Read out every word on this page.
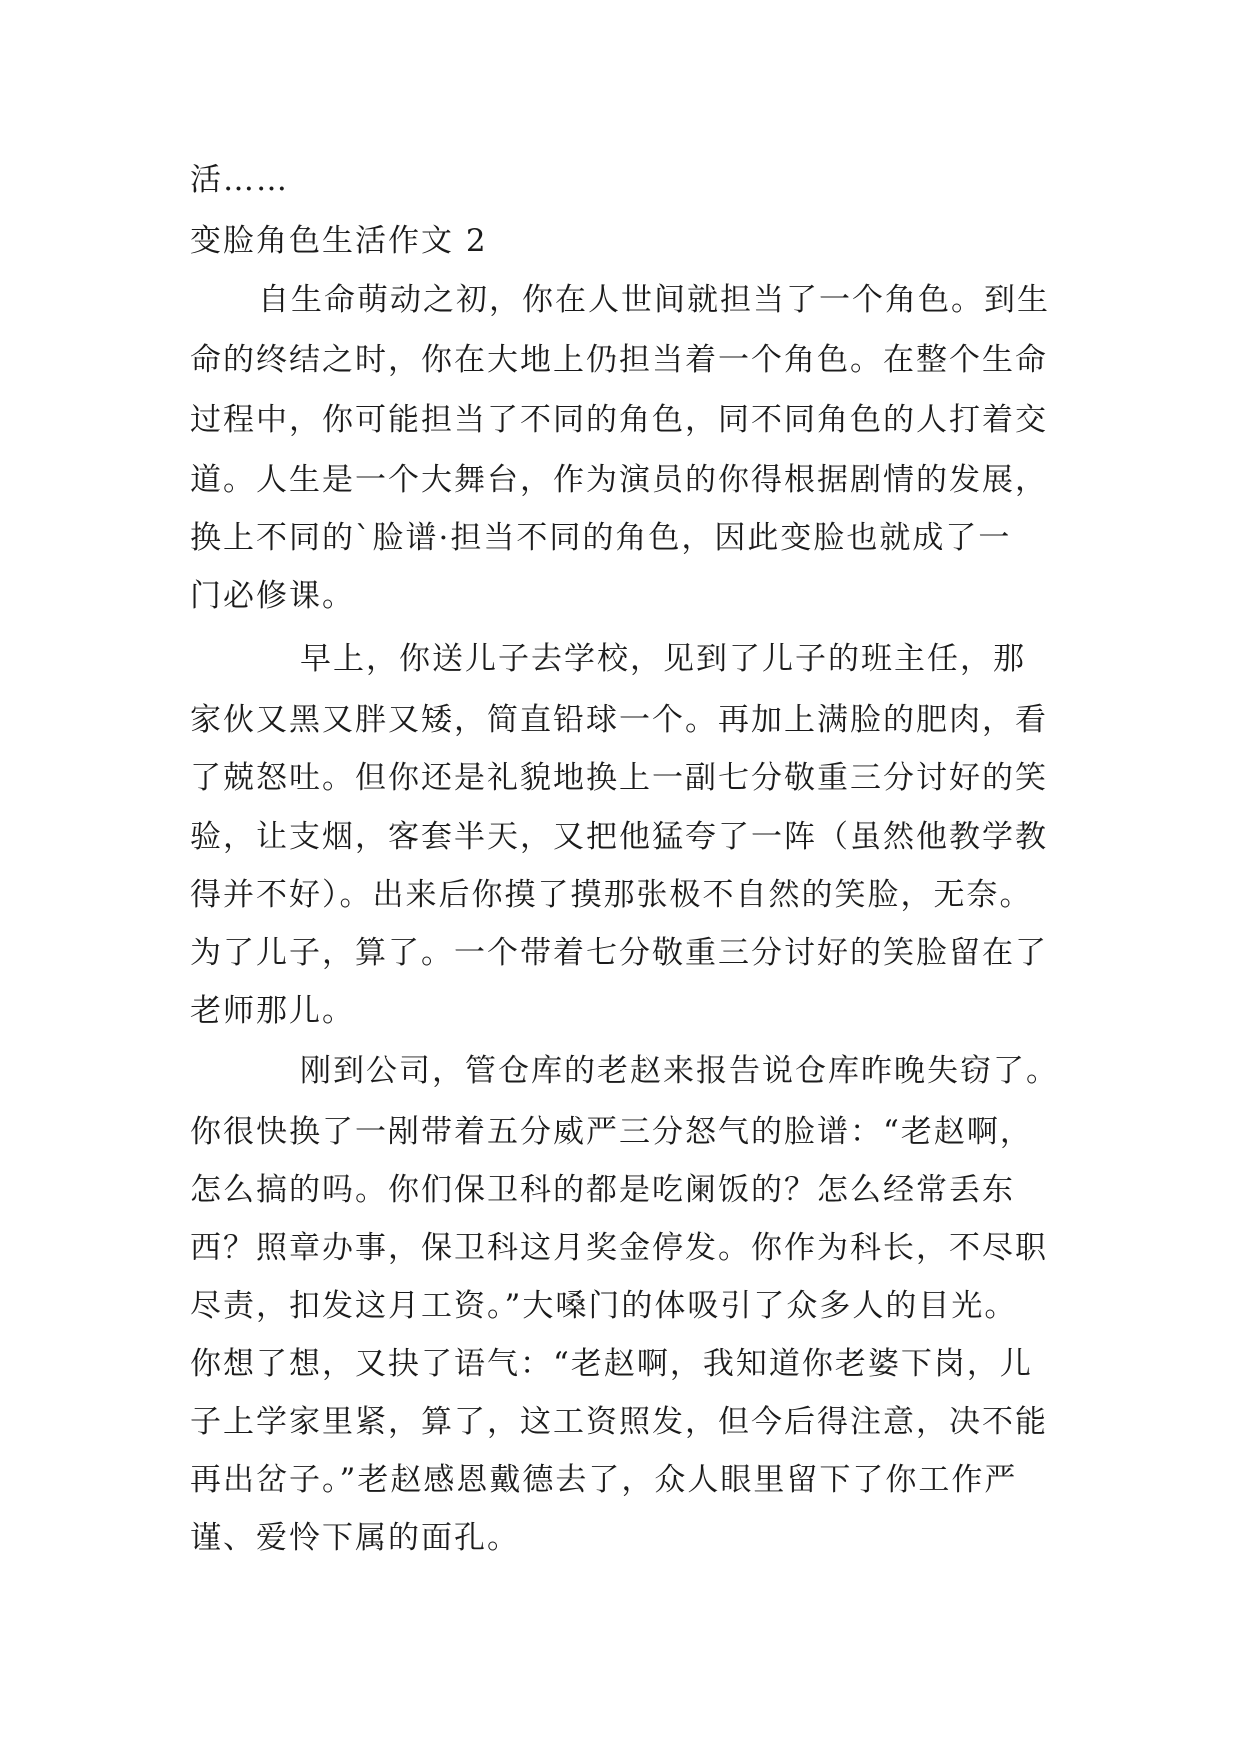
活……
变脸角色生活作文 2
自生命萌动之初，你在人世间就担当了一个角色。到生
命的终结之时，你在大地上仍担当着一个角色。在整个生命
过程中，你可能担当了不同的角色，同不同角色的人打着交
道。人生是一个大舞台，作为演员的你得根据剧情的发展，
换上不同的`脸谱·担当不同的角色，因此变脸也就成了一
门必修课。
早上，你送儿子去学校，见到了儿子的班主任，那
家伙又黑又胖又矮，简直铅球一个。再加上满脸的肥肉，看
了兢怒吐。但你还是礼貌地换上一副七分敬重三分讨好的笑
验，让支烟，客套半天，又把他猛夸了一阵（虽然他教学教
得并不好）。出来后你摸了摸那张极不自然的笑脸，无奈。
为了儿子，算了。一个带着七分敬重三分讨好的笑脸留在了
老师那儿。
刚到公司，管仓库的老赵来报告说仓库昨晚失窃了。
你很快换了一剐带着五分威严三分怒气的脸谱：“老赵啊，
怎么搞的吗。你们保卫科的都是吃阑饭的？怎么经常丢东
西？照章办事，保卫科这月奖金停发。你作为科长，不尽职
尽责，扣发这月工资。”大嗓门的体吸引了众多人的目光。
你想了想，又抉了语气：“老赵啊，我知道你老婆下岗，儿
子上学家里紧，算了，这工资照发，但今后得注意，决不能
再出岔子。”老赵感恩戴德去了，众人眼里留下了你工作严
谨、爱怜下属的面孔。
